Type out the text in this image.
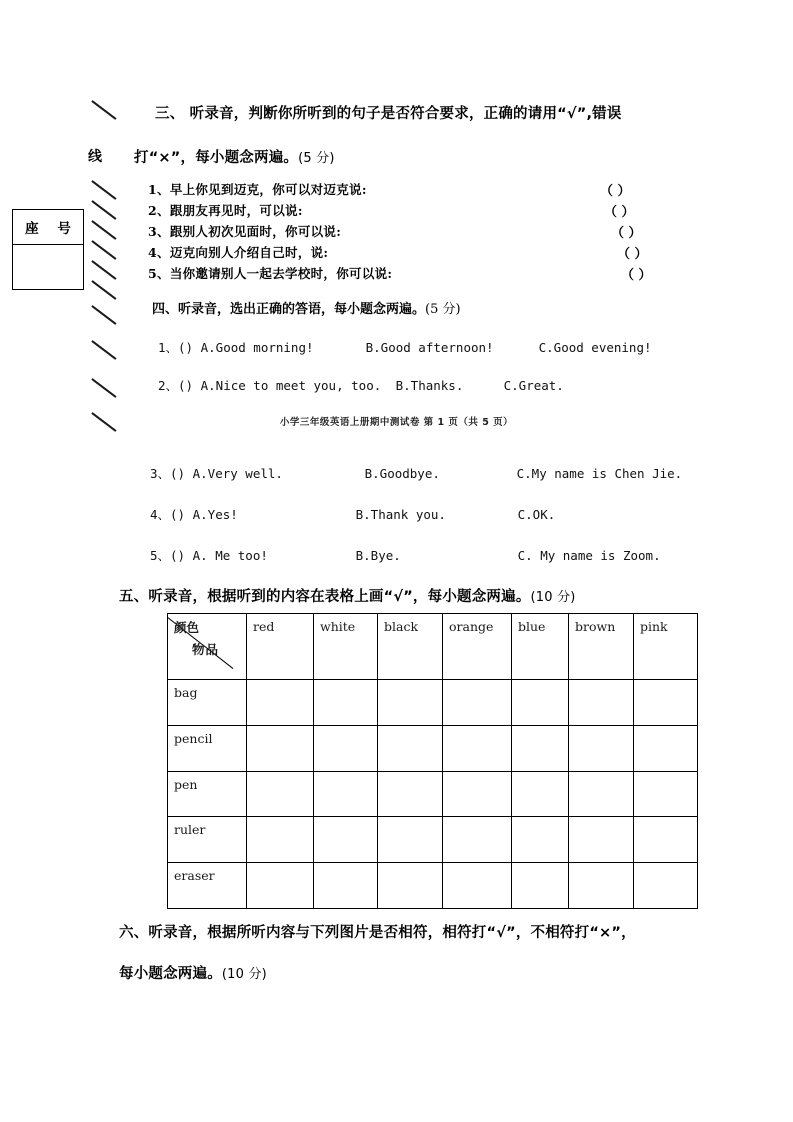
座 号
线
三、 听录音，判断你所听到的句子是否符合要求，正确的请用“√”,错误
打“×”，每小题念两遍。(5 分)
1、早上你见到迈克，你可以对迈克说:	（ ）
2、跟朋友再见时，可以说:	（ ）
3、跟别人初次见面时，你可以说:	（ ）
4、迈克向别人介绍自己时，说:	（ ）
5、当你邀请别人一起去学校时，你可以说:	（ ）
四、听录音，选出正确的答语，每小题念两遍。(5 分)
1、() A.Good morning!	B.Good afternoon!	C.Good evening!
2、() A.Nice to meet you, too. B.Thanks.	C.Great.
小学三年级英语上册期中测试卷 第 1 页（共 5 页）
3、() A.Very well.	B.Goodbye.	C.My name is Chen Jie.
4、() A.Yes!	B.Thank you.	C.OK.
5、() A. Me too!	B.Bye.	C. My name is Zoom.
五、听录音，根据听到的内容在表格上画“√”，每小题念两遍。(10 分)
颜色
物品	red	white	black	orange	blue	brown	pink
bag							
pencil							
pen							
ruler							
eraser							
六、听录音，根据所听内容与下列图片是否相符，相符打“√”，不相符打“×”，
每小题念两遍。(10 分)
